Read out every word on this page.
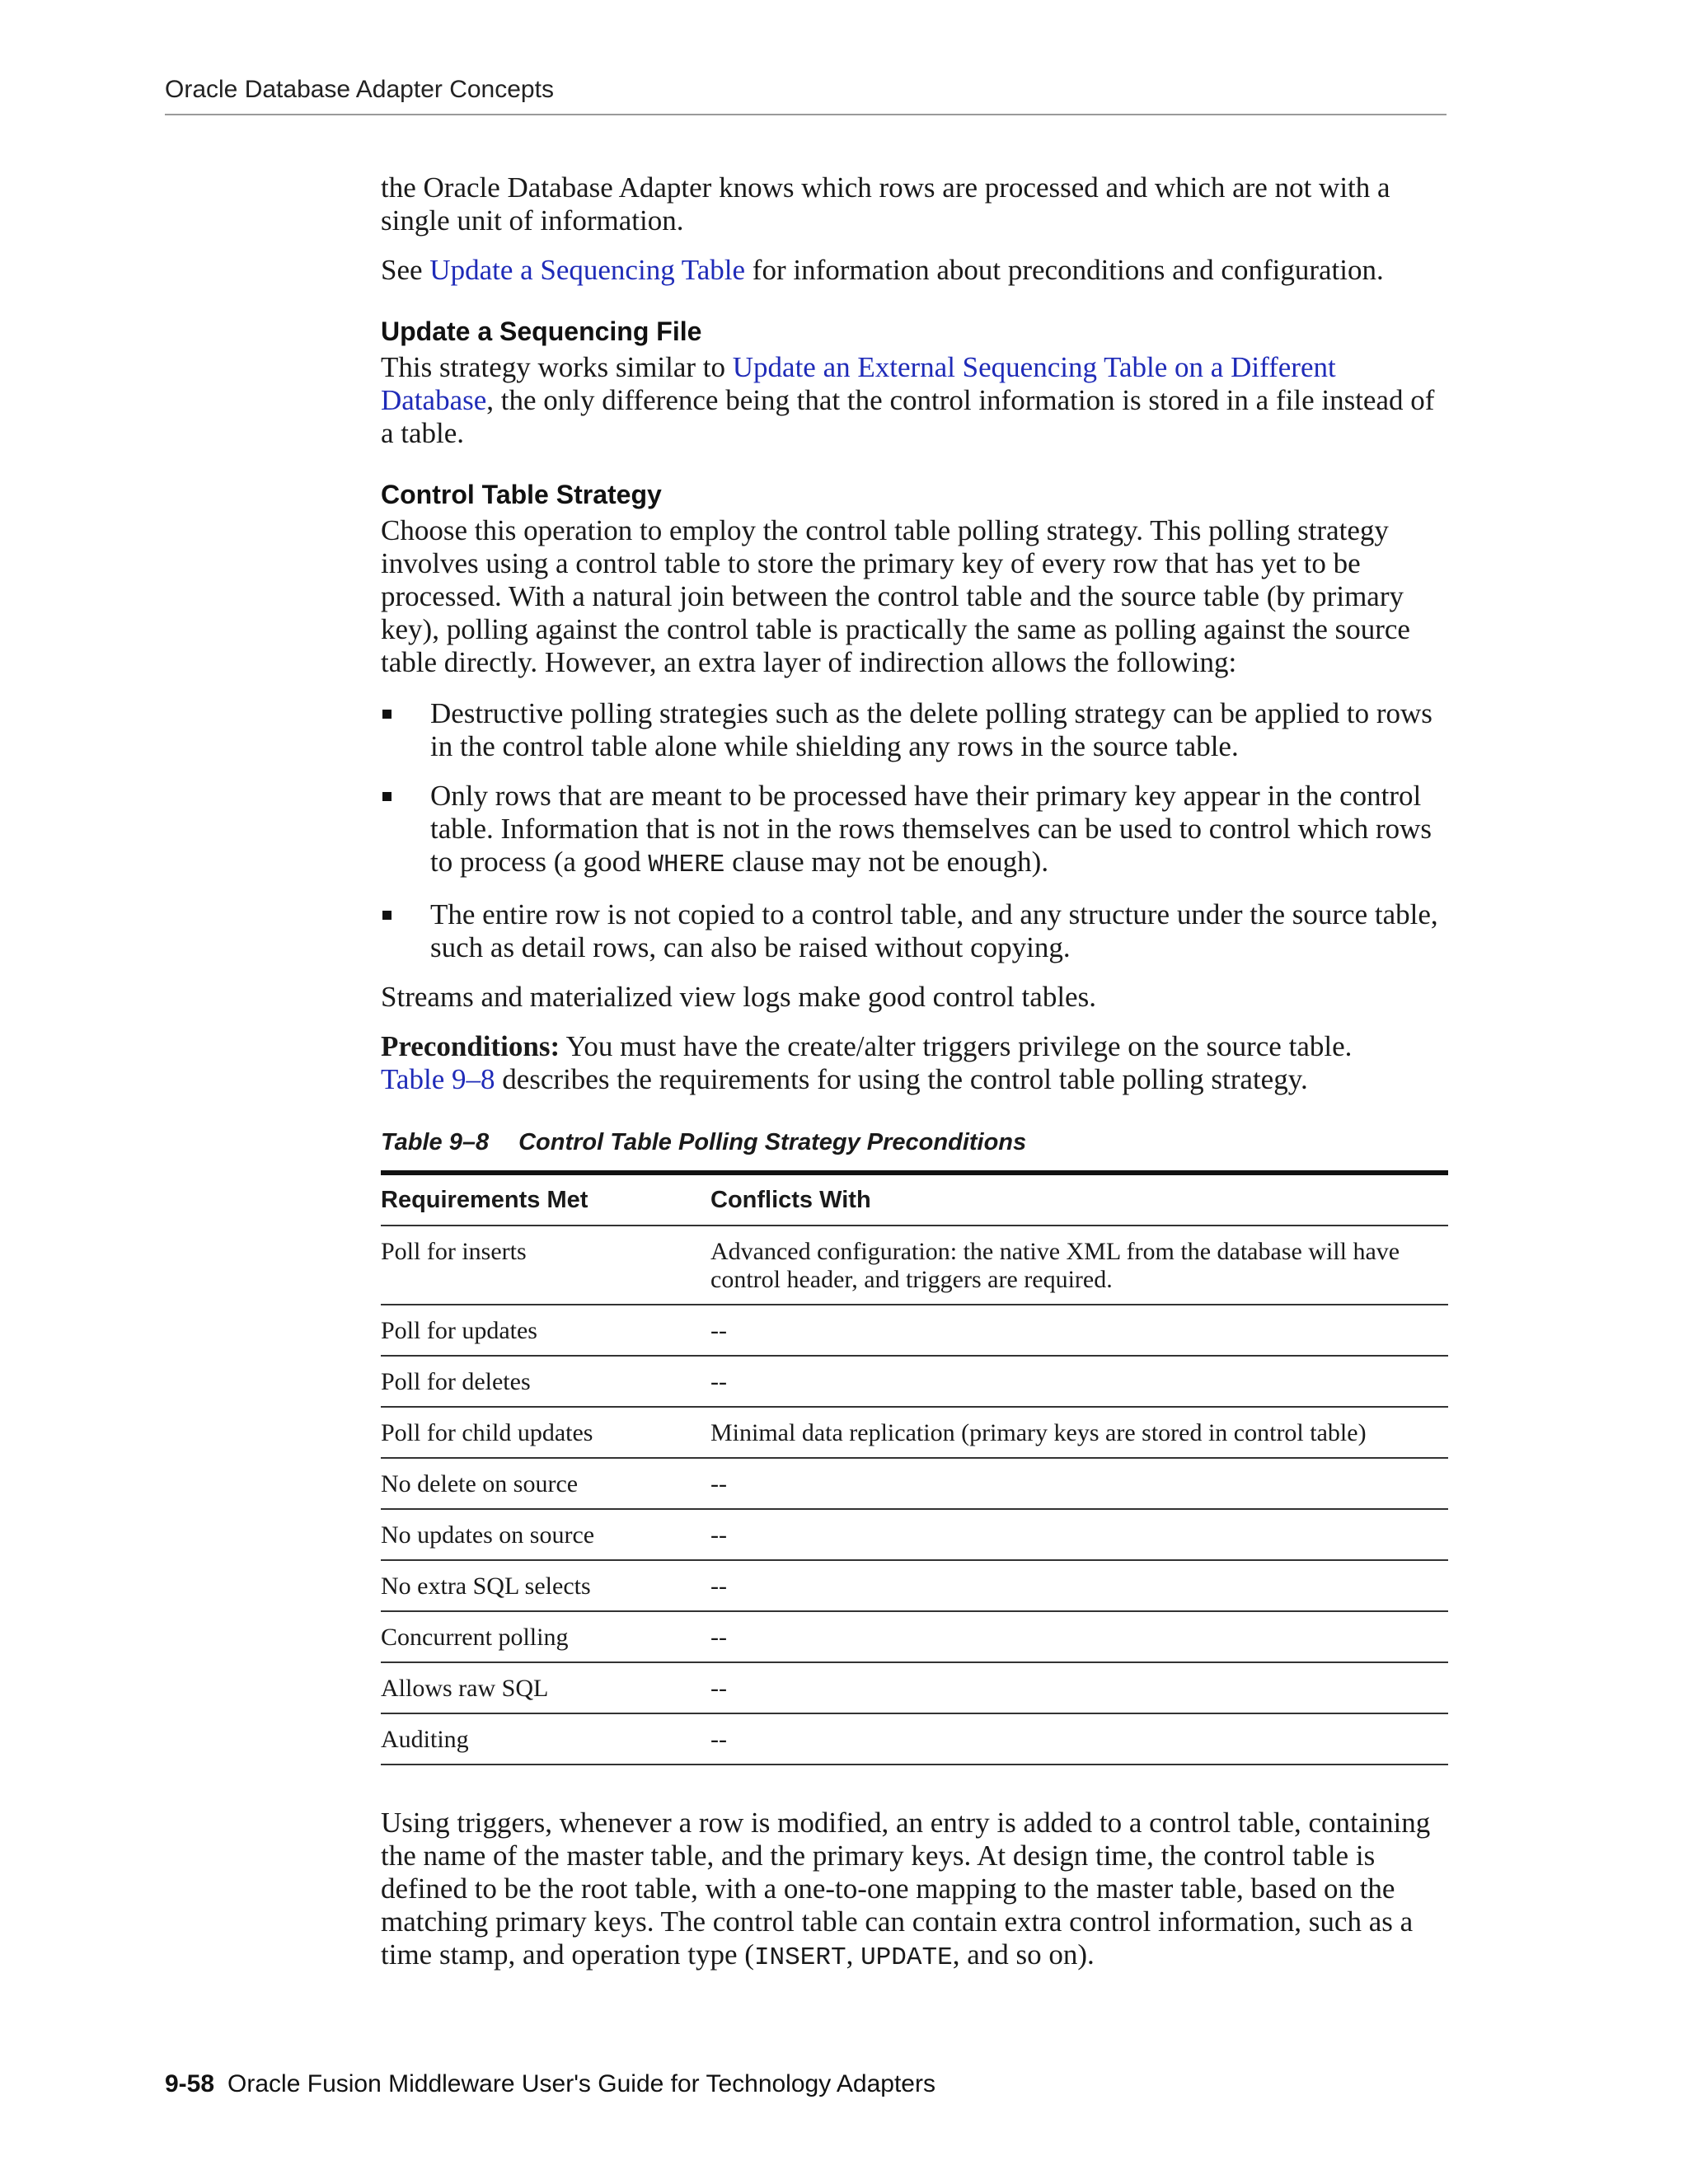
Oracle Database Adapter Concepts

the Oracle Database Adapter knows which rows are processed and which are not with a single unit of information.

See Update a Sequencing Table for information about preconditions and configuration.

Update a Sequencing File

This strategy works similar to Update an External Sequencing Table on a Different Database, the only difference being that the control information is stored in a file instead of a table.

Control Table Strategy

Choose this operation to employ the control table polling strategy. This polling strategy involves using a control table to store the primary key of every row that has yet to be processed. With a natural join between the control table and the source table (by primary key), polling against the control table is practically the same as polling against the source table directly. However, an extra layer of indirection allows the following:

Destructive polling strategies such as the delete polling strategy can be applied to rows in the control table alone while shielding any rows in the source table.
Only rows that are meant to be processed have their primary key appear in the control table. Information that is not in the rows themselves can be used to control which rows to process (a good WHERE clause may not be enough).
The entire row is not copied to a control table, and any structure under the source table, such as detail rows, can also be raised without copying.

Streams and materialized view logs make good control tables.

Preconditions: You must have the create/alter triggers privilege on the source table.
Table 9–8 describes the requirements for using the control table polling strategy.

Table 9–8 Control Table Polling Strategy Preconditions
Requirements Met	Conflicts With
Poll for inserts	Advanced configuration: the native XML from the database will have control header, and triggers are required.
Poll for updates	--
Poll for deletes	--
Poll for child updates	Minimal data replication (primary keys are stored in control table)
No delete on source	--
No updates on source	--
No extra SQL selects	--
Concurrent polling	--
Allows raw SQL	--
Auditing	--

Using triggers, whenever a row is modified, an entry is added to a control table, containing the name of the master table, and the primary keys. At design time, the control table is defined to be the root table, with a one-to-one mapping to the master table, based on the matching primary keys. The control table can contain extra control information, such as a time stamp, and operation type (INSERT, UPDATE, and so on).

9-58 Oracle Fusion Middleware User's Guide for Technology Adapters
